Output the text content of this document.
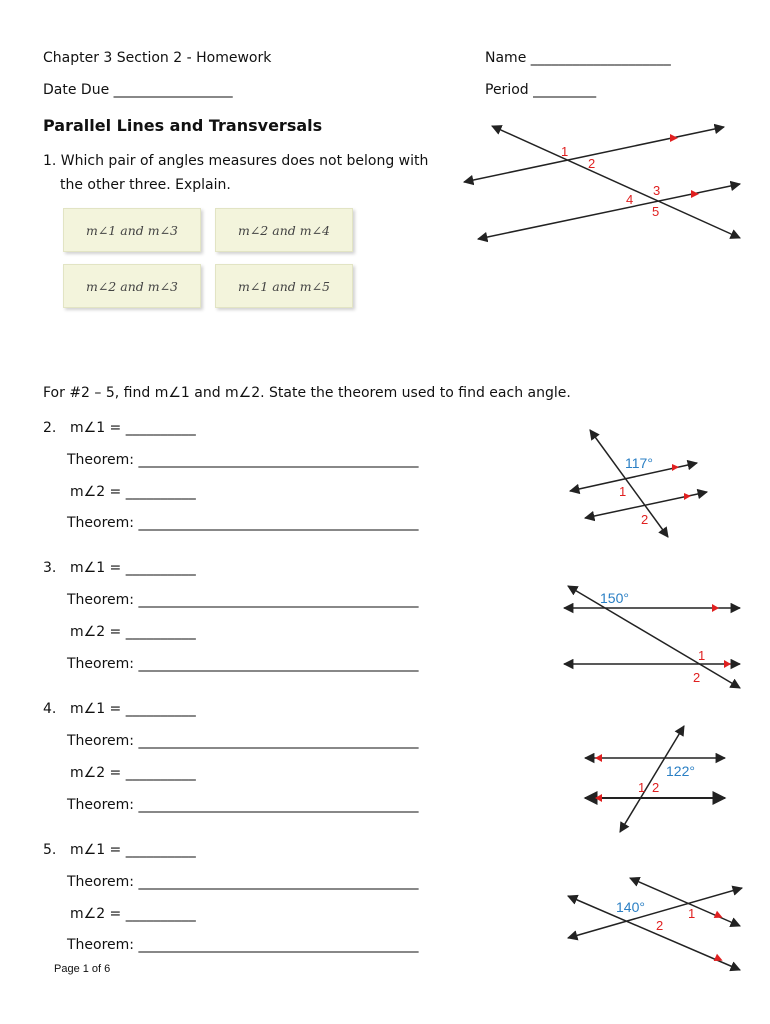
Chapter 3 Section 2 - Homework	Name ____________________
Date Due _________________	Period _________
Parallel Lines and Transversals
1. Which pair of angles measures does not belong with
the other three. Explain.
m∠1 and m∠3	m∠2 and m∠4
m∠2 and m∠3	m∠1 and m∠5
1
2
3
4
5
For #2 – 5, find m∠1 and m∠2. State the theorem used to find each angle.
2. m∠1 = __________
Theorem: ________________________________________
m∠2 = __________
Theorem: ________________________________________
117°
1
2
3. m∠1 = __________
Theorem: ________________________________________
m∠2 = __________
Theorem: ________________________________________
150°
1
2
4. m∠1 = __________
Theorem: ________________________________________
m∠2 = __________
Theorem: ________________________________________
122°
1 2
5. m∠1 = __________
Theorem: ________________________________________
m∠2 = __________
Theorem: ________________________________________
140°	1
2
Page 1 of 6
